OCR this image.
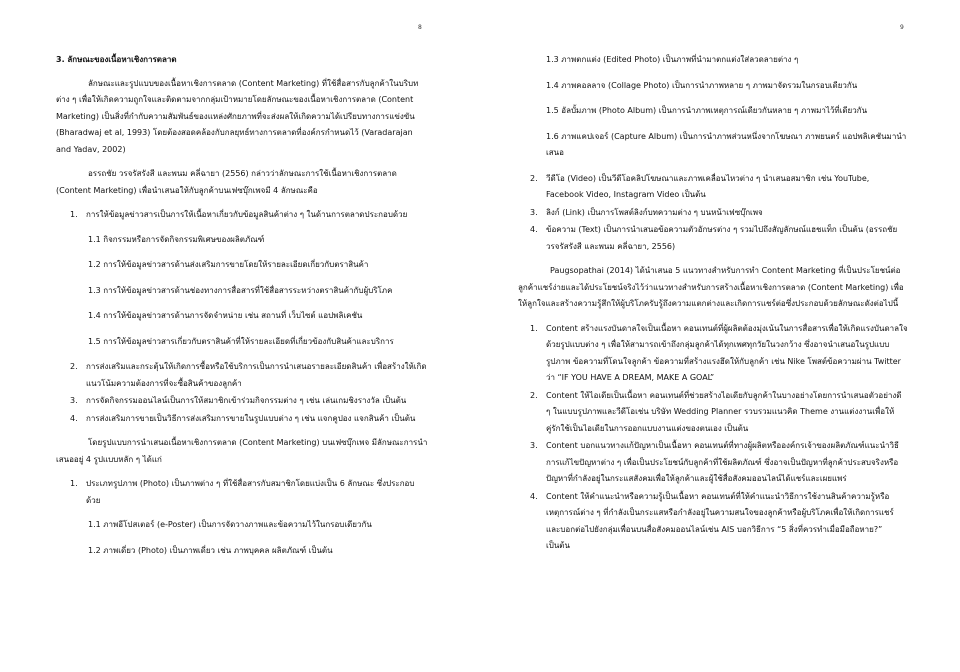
8

3. ลักษณะของเนื้อหาเชิงการตลาด

ลักษณะและรูปแบบของเนื้อหาเชิงการตลาด (Content Marketing) ที่ใช้สื่อสารกับลูกค้าในบริบทต่าง ๆ เพื่อให้เกิดความถูกใจและติดตามจากกลุ่มเป้าหมายโดยลักษณะของเนื้อหาเชิงการตลาด (Content Marketing) เป็นสิ่งที่กำกับความสัมพันธ์ของแหล่งศักยภาพที่จะส่งผลให้เกิดความได้เปรียบทางการแข่งขัน (Bharadwaj et al, 1993) โดยต้องสอดคล้องกับกลยุทธ์ทางการตลาดที่องค์กรกำหนดไว้ (Varadarajan and Yadav, 2002)

อรรถชัย วรจรัสรังสี และพนม คลี่ฉายา (2556) กล่าวว่าลักษณะการใช้เนื้อหาเชิงการตลาด (Content Marketing) เพื่อนำเสนอให้กับลูกค้าบนเฟซบุ๊กเพจมี 4 ลักษณะคือ

1.	การให้ข้อมูลข่าวสารเป็นการให้เนื้อหาเกี่ยวกับข้อมูลสินค้าต่าง ๆ ในด้านการตลาดประกอบด้วย

1.1 กิจกรรมหรือการจัดกิจกรรมพิเศษของผลิตภัณฑ์

1.2 การให้ข้อมูลข่าวสารด้านส่งเสริมการขายโดยให้รายละเอียดเกี่ยวกับตราสินค้า

1.3 การให้ข้อมูลข่าวสารด้านช่องทางการสื่อสารที่ใช้สื่อสารระหว่างตราสินค้ากับผู้บริโภค

1.4 การให้ข้อมูลข่าวสารด้านการจัดจำหน่าย เช่น สถานที่ เว็บไซต์ แอปพลิเคชัน

1.5 การให้ข้อมูลข่าวสารเกี่ยวกับตราสินค้าที่ให้รายละเอียดที่เกี่ยวข้องกับสินค้าและบริการ

2.	การส่งเสริมและกระตุ้นให้เกิดการซื้อหรือใช้บริการเป็นการนำเสนอรายละเอียดสินค้า เพื่อสร้างให้เกิดแนวโน้มความต้องการที่จะซื้อสินค้าของลูกค้า
3.	การจัดกิจกรรมออนไลน์เป็นการให้สมาชิกเข้าร่วมกิจกรรมต่าง ๆ เช่น เล่นเกมชิงรางวัล เป็นต้น
4.	การส่งเสริมการขายเป็นวิธีการส่งเสริมการขายในรูปแบบต่าง ๆ เช่น แจกคูปอง แจกสินค้า เป็นต้น

โดยรูปแบบการนำเสนอเนื้อหาเชิงการตลาด (Content Marketing) บนเฟซบุ๊กเพจ มีลักษณะการนำเสนออยู่ 4 รูปแบบหลัก ๆ ได้แก่

1.	ประเภทรูปภาพ (Photo) เป็นภาพต่าง ๆ ที่ใช้สื่อสารกับสมาชิกโดยแบ่งเป็น 6 ลักษณะ ซึ่งประกอบด้วย

1.1 ภาพอีโปสเตอร์ (e-Poster) เป็นการจัดวางภาพและข้อความไว้ในกรอบเดียวกัน

1.2 ภาพเดี่ยว (Photo) เป็นภาพเดี่ยว เช่น ภาพบุคคล ผลิตภัณฑ์ เป็นต้น

9

1.3 ภาพตกแต่ง (Edited Photo) เป็นภาพที่นำมาตกแต่งใส่ลวดลายต่าง ๆ

1.4 ภาพคอลลาจ (Collage Photo) เป็นการนำภาพหลาย ๆ ภาพมาจัดรวมในกรอบเดียวกัน

1.5 อัลบั้มภาพ (Photo Album) เป็นการนำภาพเหตุการณ์เดียวกันหลาย ๆ ภาพมาไว้ที่เดียวกัน

1.6 ภาพแคปเจอร์ (Capture Album) เป็นการนำภาพส่วนหนึ่งจากโฆษณา ภาพยนตร์ แอปพลิเคชันมานำเสนอ

2.	วีดีโอ (Video) เป็นวีดีโอคลิปโฆษณาและภาพเคลื่อนไหวต่าง ๆ นำเสนอสมาชิก เช่น YouTube, Facebook Video, Instagram Video เป็นต้น
3.	ลิงก์ (Link) เป็นการโพสต์ลิงก์บทความต่าง ๆ บนหน้าเฟซบุ๊กเพจ
4.	ข้อความ (Text) เป็นการนำเสนอข้อความตัวอักษรต่าง ๆ รวมไปถึงสัญลักษณ์แฮชแท็ก เป็นต้น (อรรถชัย วรจรัสรังสี และพนม คลี่ฉายา, 2556)

Paugsopathai (2014) ได้นำเสนอ 5 แนวทางสำหรับการทำ Content Marketing ที่เป็นประโยชน์ต่อลูกค้าแชร์ง่ายและได้ประโยชน์จริงไว้ว่าแนวทางสำหรับการสร้างเนื้อหาเชิงการตลาด (Content Marketing) เพื่อให้ลูกใจและสร้างความรู้สึกให้ผู้บริโภครับรู้ถึงความแตกต่างและเกิดการแชร์ต่อซึ่งประกอบด้วยลักษณะดังต่อไปนี้

1.	Content สร้างแรงบันดาลใจเป็นเนื้อหา คอนเทนต์ที่ผู้ผลิตต้องมุ่งเน้นในการสื่อสารเพื่อให้เกิดแรงบันดาลใจด้วยรูปแบบต่าง ๆ เพื่อให้สามารถเข้าถึงกลุ่มลูกค้าได้ทุกเพศทุกวัยในวงกว้าง ซึ่งอาจนำเสนอในรูปแบบรูปภาพ ข้อความที่โดนใจลูกค้า ข้อความที่สร้างแรงฮึดให้กับลูกค้า เช่น Nike โพสต์ข้อความผ่าน Twitter ว่า “IF YOU HAVE A DREAM, MAKE A GOAL”
2.	Content ให้ไอเดียเป็นเนื้อหา คอนเทนต์ที่ช่วยสร้างไอเดียกับลูกค้าในบางอย่างโดยการนำเสนอตัวอย่างดี ๆ ในแบบรูปภาพและวีดีโอเช่น บริษัท Wedding Planner รวบรวมแนวคิด Theme งานแต่งงานเพื่อให้คู่รักใช้เป็นไอเดียในการออกแบบงานแต่งของตนเอง เป็นต้น
3.	Content บอกแนวทางแก้ปัญหาเป็นเนื้อหา คอนเทนต์ที่ทางผู้ผลิตหรือองค์กรเจ้าของผลิตภัณฑ์แนะนำวิธีการแก้ไขปัญหาต่าง ๆ เพื่อเป็นประโยชน์กับลูกค้าที่ใช้ผลิตภัณฑ์ ซึ่งอาจเป็นปัญหาที่ลูกค้าประสบจริงหรือปัญหาที่กำลังอยู่ในกระแสสังคมเพื่อให้ลูกค้าและผู้ใช้สื่อสังคมออนไลน์ได้แชร์และเผยแพร่
4.	Content ให้คำแนะนำหรือความรู้เป็นเนื้อหา คอนเทนต์ที่ให้คำแนะนำวิธีการใช้งานสินค้าความรู้หรือเหตุการณ์ต่าง ๆ ที่กำลังเป็นกระแสหรือกำลังอยู่ในความสนใจของลูกค้าหรือผู้บริโภคเพื่อให้เกิดการแชร์และบอกต่อไปยังกลุ่มเพื่อนบนสื่อสังคมออนไลน์เช่น AIS บอกวิธีการ “5 สิ่งที่ควรทำเมื่อมือถือหาย?” เป็นต้น
